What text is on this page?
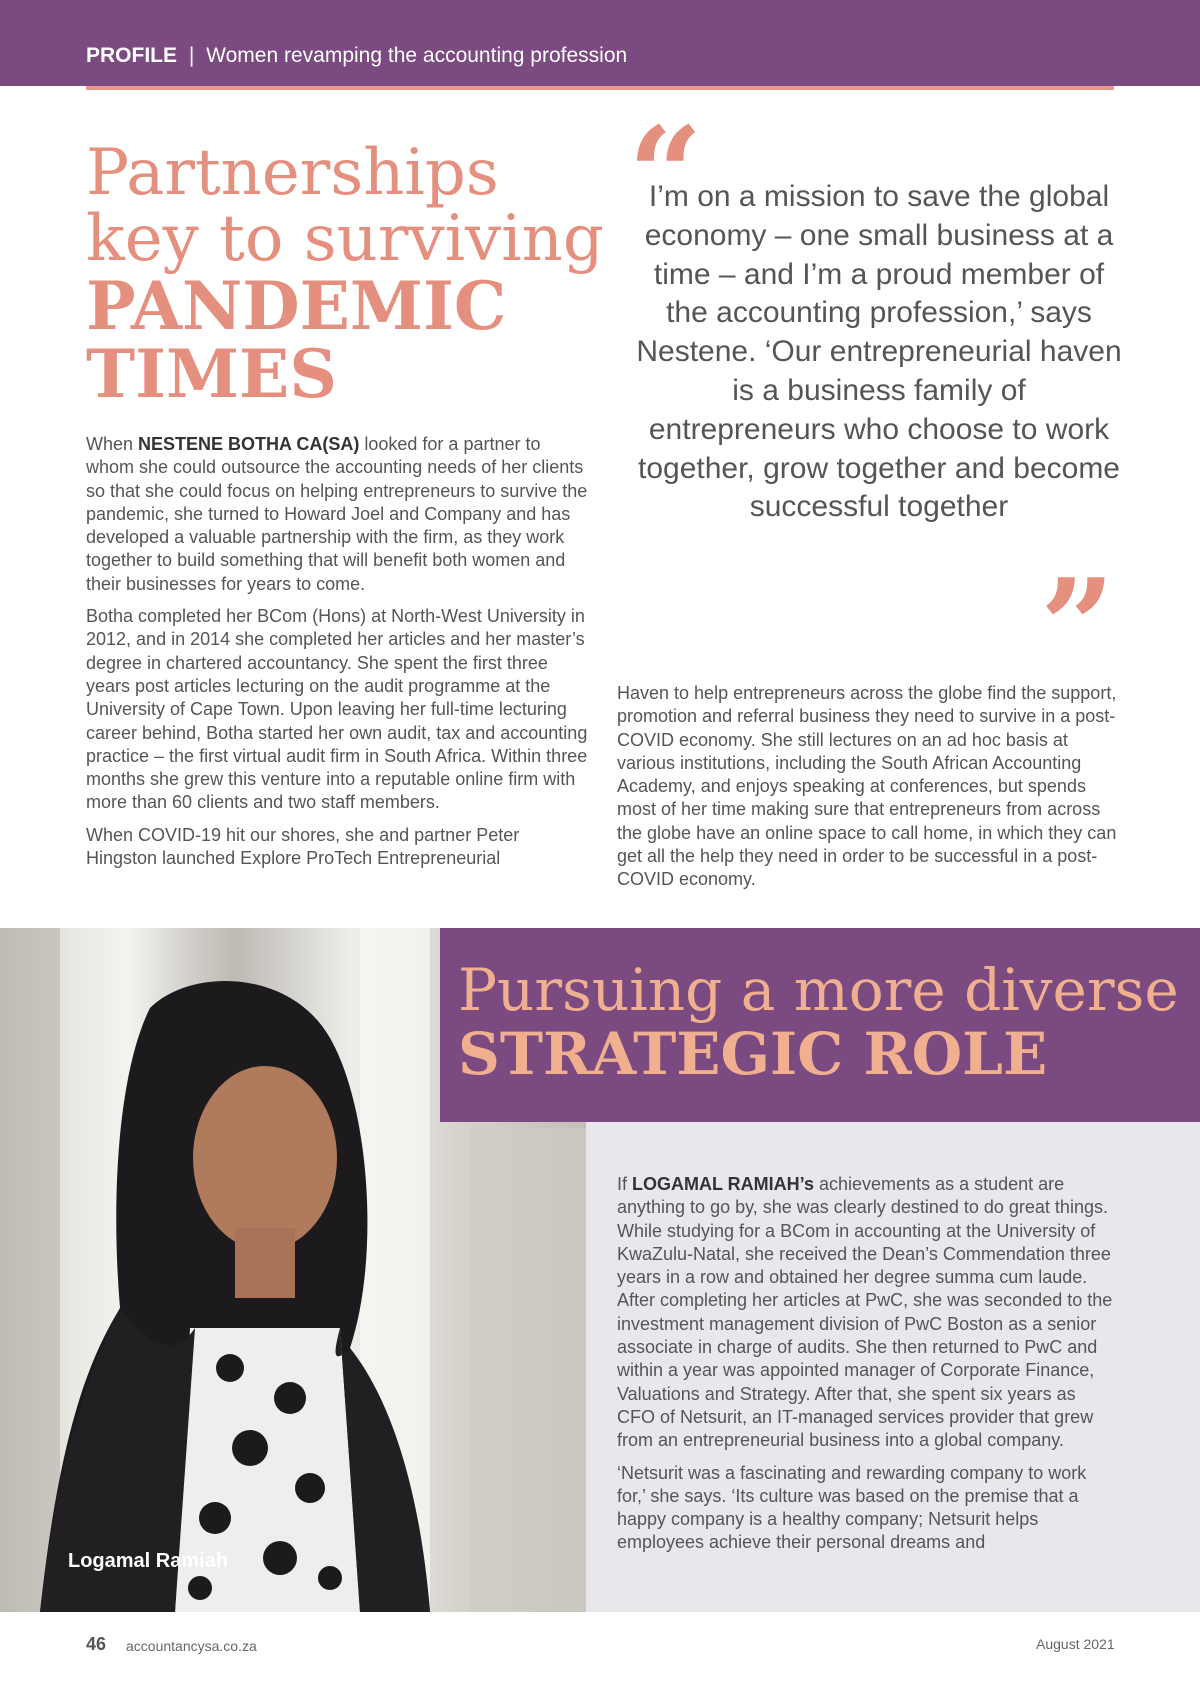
PROFILE | Women revamping the accounting profession
Partnerships
key to surviving
PANDEMIC
TIMES

When NESTENE BOTHA CA(SA) looked for a partner to whom she could outsource the accounting needs of her clients so that she could focus on helping entrepreneurs to survive the pandemic, she turned to Howard Joel and Company and has developed a valuable partnership with the firm, as they work together to build something that will benefit both women and their businesses for years to come.

Botha completed her BCom (Hons) at North-West University in 2012, and in 2014 she completed her articles and her master’s degree in chartered accountancy. She spent the first three years post articles lecturing on the audit programme at the University of Cape Town. Upon leaving her full-time lecturing career behind, Botha started her own audit, tax and accounting practice – the first virtual audit firm in South Africa. Within three months she grew this venture into a reputable online firm with more than 60 clients and two staff members.

When COVID-19 hit our shores, she and partner Peter Hingston launched Explore ProTech Entrepreneurial

“
I’m on a mission to save the global economy – one small business at a time – and I’m a proud member of the accounting profession,’ says Nestene. ‘Our entrepreneurial haven is a business family of entrepreneurs who choose to work together, grow together and become successful together
”

Haven to help entrepreneurs across the globe find the support, promotion and referral business they need to survive in a post-COVID economy. She still lectures on an ad hoc basis at various institutions, including the South African Accounting Academy, and enjoys speaking at conferences, but spends most of her time making sure that entrepreneurs from across the globe have an online space to call home, in which they can get all the help they need in order to be successful in a post-COVID economy.

Logamal Ramiah
Pursuing a more diverse
STRATEGIC ROLE

If LOGAMAL RAMIAH’s achievements as a student are anything to go by, she was clearly destined to do great things. While studying for a BCom in accounting at the University of KwaZulu-Natal, she received the Dean’s Commendation three years in a row and obtained her degree summa cum laude. After completing her articles at PwC, she was seconded to the investment management division of PwC Boston as a senior associate in charge of audits. She then returned to PwC and within a year was appointed manager of Corporate Finance, Valuations and Strategy. After that, she spent six years as CFO of Netsurit, an IT-managed services provider that grew from an entrepreneurial business into a global company.

‘Netsurit was a fascinating and rewarding company to work for,’ she says. ‘Its culture was based on the premise that a happy company is a healthy company; Netsurit helps employees achieve their personal dreams and

46 accountancysa.co.za	August 2021
